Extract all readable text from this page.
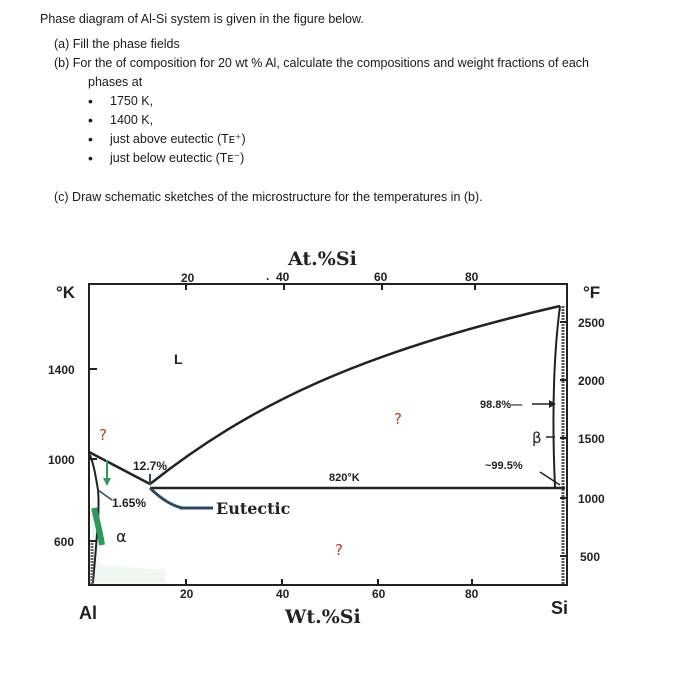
Phase diagram of Al-Si system is given in the figure below.
(a) Fill the phase fields
(b) For the of composition for 20 wt % Al, calculate the compositions and weight fractions of each
phases at
• 1750 K,
• 1400 K,
• just above eutectic (Tᴇ⁺)
• just below eutectic (Tᴇ⁻)
(c) Draw schematic sketches of the microstructure for the temperatures in (b).
At.%Si
20	. 40	60	80
20	40	60	80
Wt.%Si
°K
1400
1000
600
°F
2500
2000
1500
1000
500
Al	Si
L
α
β
Eutectic
820°K
12.7%
1.65%
98.8%—
~99.5%
?
?
?
